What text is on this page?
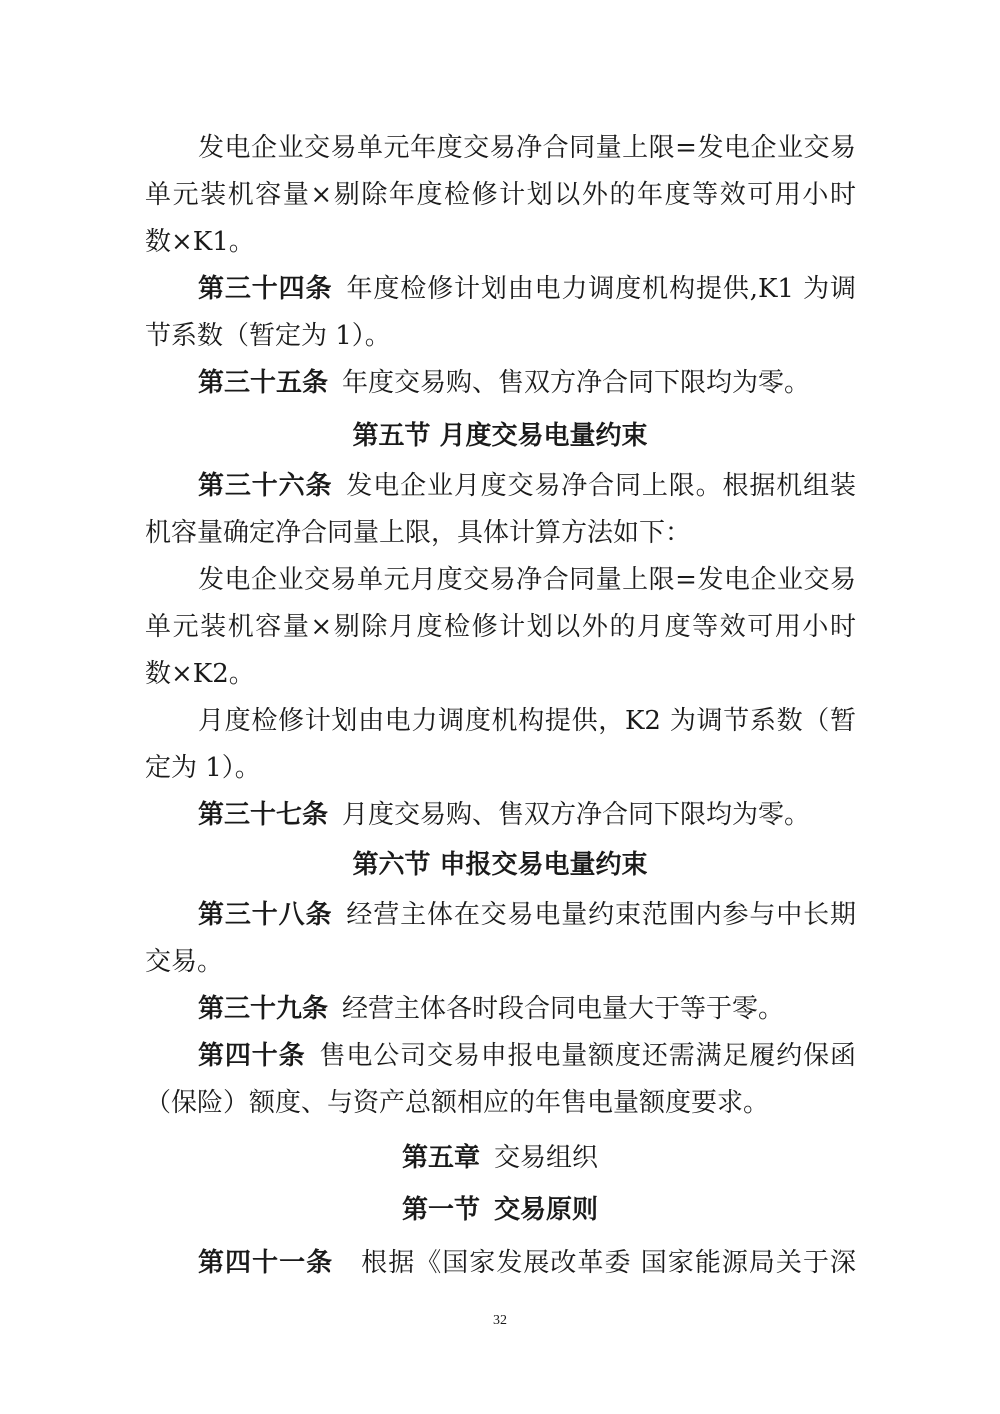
发电企业交易单元年度交易净合同量上限=发电企业交易
单元装机容量×剔除年度检修计划以外的年度等效可用小时
数×K1。
第三十四条 年度检修计划由电力调度机构提供,K1 为调
节系数（暂定为 1）。
第三十五条 年度交易购、售双方净合同下限均为零。
第五节 月度交易电量约束
第三十六条 发电企业月度交易净合同上限。根据机组装
机容量确定净合同量上限，具体计算方法如下：
发电企业交易单元月度交易净合同量上限=发电企业交易
单元装机容量×剔除月度检修计划以外的月度等效可用小时
数×K2。
月度检修计划由电力调度机构提供，K2 为调节系数（暂
定为 1）。
第三十七条 月度交易购、售双方净合同下限均为零。
第六节 申报交易电量约束
第三十八条 经营主体在交易电量约束范围内参与中长期
交易。
第三十九条 经营主体各时段合同电量大于等于零。
第四十条 售电公司交易申报电量额度还需满足履约保函
（保险）额度、与资产总额相应的年售电量额度要求。
第五章 交易组织
第一节 交易原则
第四十一条 根据《国家发展改革委 国家能源局关于深
32
